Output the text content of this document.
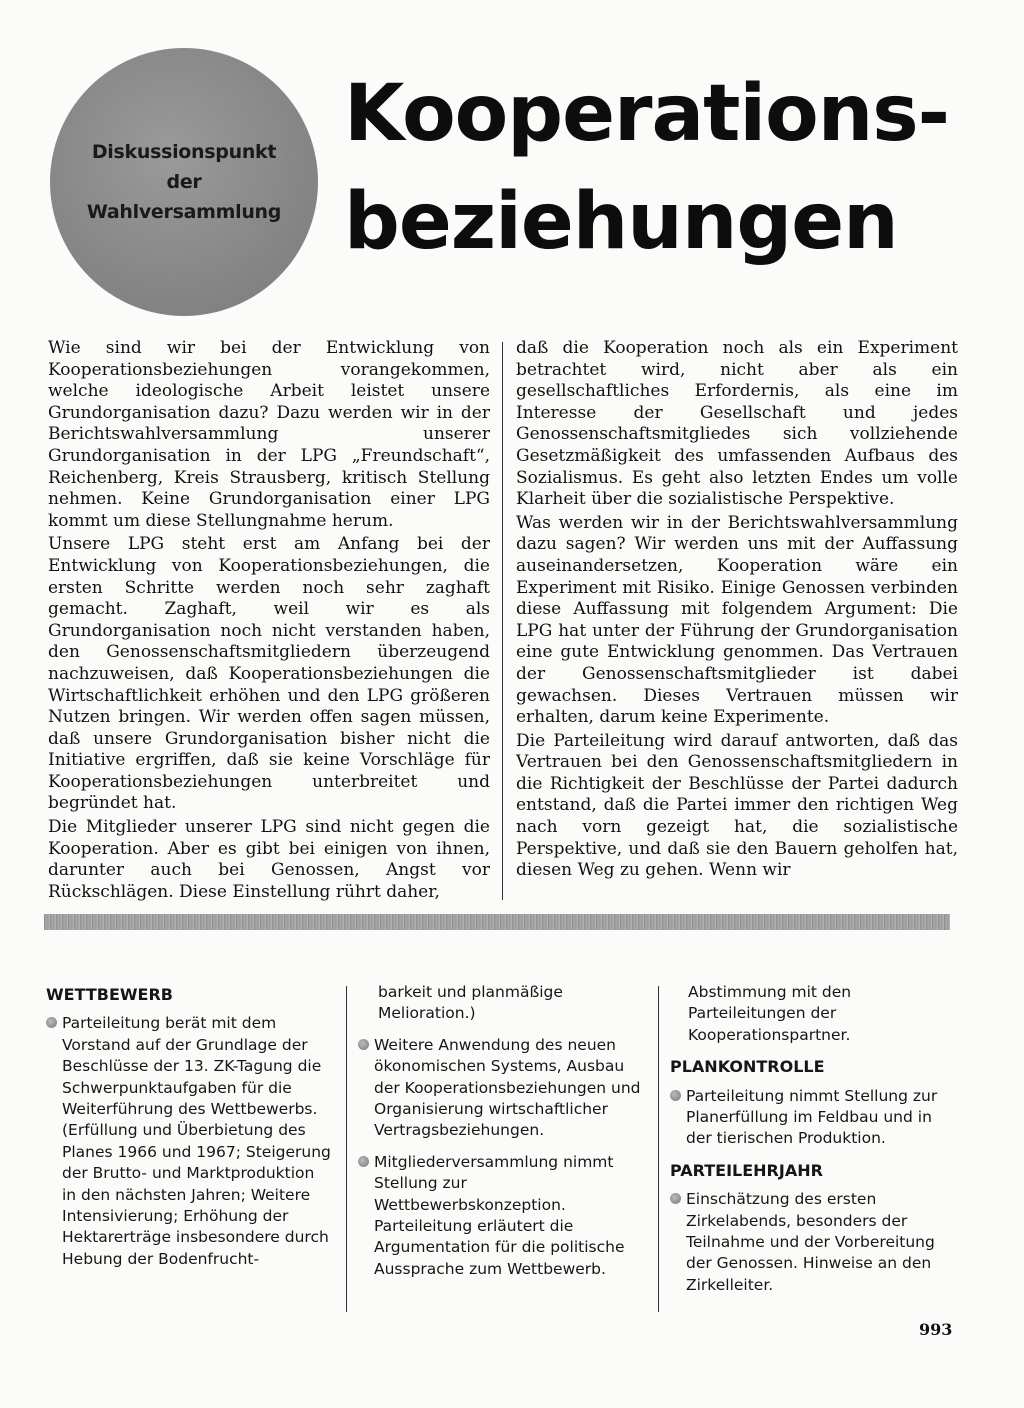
Diskussionspunkt
der
Wahlversammlung
Kooperations-
beziehungen

Wie sind wir bei der Entwicklung von Kooperationsbeziehungen vorangekommen, welche ideologische Arbeit leistet unsere Grundorganisation dazu? Dazu werden wir in der Berichtswahlversammlung unserer Grundorganisation in der LPG „Freundschaft“, Reichenberg, Kreis Strausberg, kritisch Stellung nehmen. Keine Grundorganisation einer LPG kommt um diese Stellungnahme herum.

Unsere LPG steht erst am Anfang bei der Entwicklung von Kooperationsbeziehungen, die ersten Schritte werden noch sehr zaghaft gemacht. Zaghaft, weil wir es als Grundorganisation noch nicht verstanden haben, den Genossenschaftsmitgliedern überzeugend nachzuweisen, daß Kooperationsbeziehungen die Wirtschaftlichkeit erhöhen und den LPG größeren Nutzen bringen. Wir werden offen sagen müssen, daß unsere Grundorganisation bisher nicht die Initiative ergriffen, daß sie keine Vorschläge für Kooperationsbeziehungen unterbreitet und begründet hat.

Die Mitglieder unserer LPG sind nicht gegen die Kooperation. Aber es gibt bei einigen von ihnen, darunter auch bei Genossen, Angst vor Rückschlägen. Diese Einstellung rührt daher,

daß die Kooperation noch als ein Experiment betrachtet wird, nicht aber als ein gesellschaftliches Erfordernis, als eine im Interesse der Gesellschaft und jedes Genossenschaftsmitgliedes sich vollziehende Gesetzmäßigkeit des umfassenden Aufbaus des Sozialismus. Es geht also letzten Endes um volle Klarheit über die sozialistische Perspektive.

Was werden wir in der Berichtswahlversammlung dazu sagen? Wir werden uns mit der Auffassung auseinandersetzen, Kooperation wäre ein Experiment mit Risiko. Einige Genossen verbinden diese Auffassung mit folgendem Argument: Die LPG hat unter der Führung der Grundorganisation eine gute Entwicklung genommen. Das Vertrauen der Genossenschaftsmitglieder ist dabei gewachsen. Dieses Vertrauen müssen wir erhalten, darum keine Experimente.

Die Parteileitung wird darauf antworten, daß das Vertrauen bei den Genossenschaftsmitgliedern in die Richtigkeit der Beschlüsse der Partei dadurch entstand, daß die Partei immer den richtigen Weg nach vorn gezeigt hat, die sozialistische Perspektive, und daß sie den Bauern geholfen hat, diesen Weg zu gehen. Wenn wir

WETTBEWERB
Parteileitung berät mit dem Vorstand auf der Grundlage der Beschlüsse der 13. ZK-Tagung die Schwerpunktaufgaben für die Weiterführung des Wettbewerbs. (Erfüllung und Überbietung des Planes 1966 und 1967; Steigerung der Brutto- und Marktproduktion in den nächsten Jahren; Weitere Intensivierung; Erhöhung der Hektarerträge insbesondere durch Hebung der Bodenfrucht-
barkeit und planmäßige Melioration.)
Weitere Anwendung des neuen ökonomischen Systems, Ausbau der Kooperationsbeziehungen und Organisierung wirtschaftlicher Vertragsbeziehungen.
Mitgliederversammlung nimmt Stellung zur Wettbewerbskonzeption. Parteileitung erläutert die Argumentation für die politische Aussprache zum Wettbewerb.
Abstimmung mit den Parteileitungen der Kooperationspartner.
PLANKONTROLLE
Parteileitung nimmt Stellung zur Planerfüllung im Feldbau und in der tierischen Produktion.
PARTEILEHRJAHR
Einschätzung des ersten Zirkelabends, besonders der Teilnahme und der Vorbereitung der Genossen. Hinweise an den Zirkelleiter.
993
